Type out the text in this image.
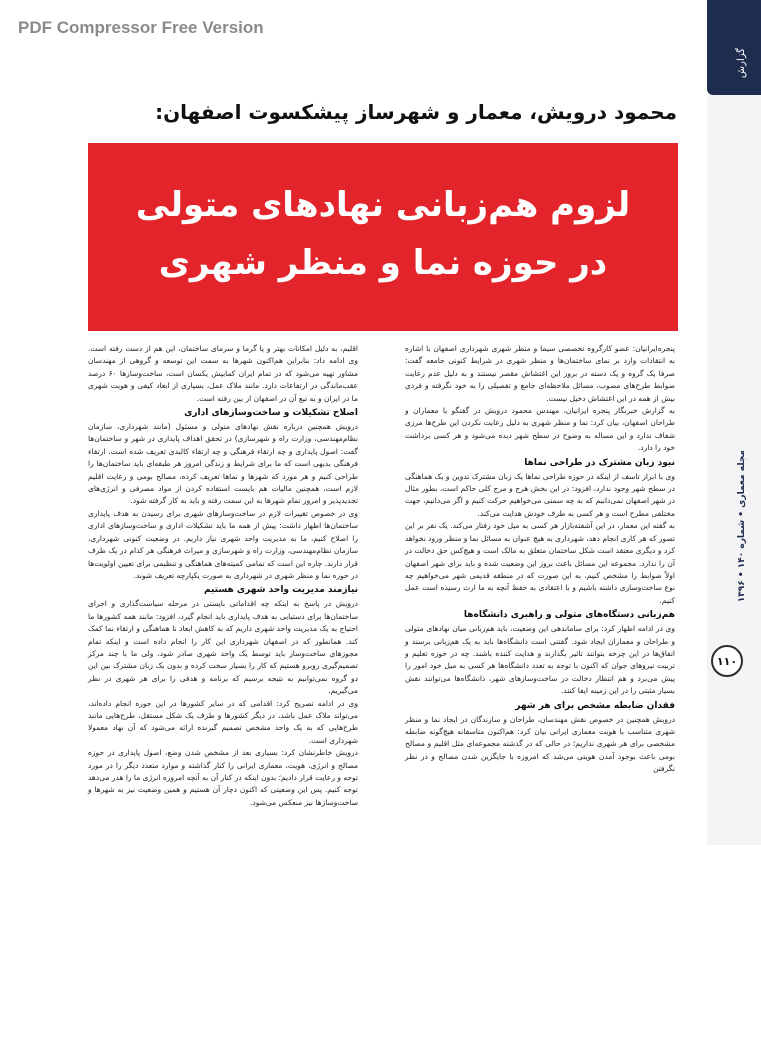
PDF Compressor Free Version
گزارش
مجله معماری • شماره ۱۴۰ • ۱۳۹۶
۱۱۰
محمود درویش، معمار و شهرساز پیشکسوت اصفهان:
لزوم هم‌زبانی نهادهای متولی
در حوزه نما و منظر شهری

پنجره‌ایرانیان: عضو کارگروه تخصصی سیما و منظر شهری شهرداری اصفهان با اشاره به انتقادات وارد بر نمای ساختمان‌ها و منظر شهری در شرایط کنونی جامعه گفت: صرفا یک گروه و یک دسته در بروز این اغتشاش مقصر نیستند و به دلیل عدم رعایت ضوابط طرح‌های مصوب، مسائل ملاحظه‌ای جامع و تفصیلی را به خود نگرفته و فردی بیش از همه در این اغتشاش دخیل نیست.

به گزارش خبرنگار پنجره ایرانیان، مهندس محمود درویش در گفتگو با معماران و طراحان اصفهان، بیان کرد: نما و منظر شهری به دلیل رعایت نکردن این طرح‌ها مرزی شفاف ندارد و این مساله به وضوح در سطح شهر دیده می‌شود و هر کسی برداشت خود را دارد.

نبود زبان مشترک در طراحی نماها

وی با ابراز تاسف از اینکه در حوزه طراحی نماها یک زبان مشترک تدوین و یک هماهنگی در سطح شهر وجود ندارد، افزود: در این بخش هرج و مرج کلی حاکم است، بطور مثال در شهر اصفهان نمی‌دانیم که به چه سمتی می‌خواهیم حرکت کنیم و اگر می‌دانیم، جهت مختلفی مطرح است و هر کسی به طرف خودش هدایت می‌کند.

به گفته این معمار، در این آشفته‌بازار هر کسی به میل خود رفتار می‌کند. یک نفر بر این تصور که هر کاری انجام دهد، شهرداری به هیچ عنوان به مسائل نما و منظر ورود نخواهد کرد و دیگری معتقد است شکل ساختمان متعلق به مالک است و هیچ‌کس حق دخالت در آن را ندارد. مجموعه این مسائل باعث بروز این وضعیت شده و باید برای شهر اصفهان اولاً ضوابط را مشخص کنیم، به این صورت که در منطقه قدیمی شهر می‌خواهیم چه نوع ساخت‌وسازی داشته باشیم و با اعتقادی به حفظ آنچه به ما ارث رسیده است عمل کنیم.

هم‌زبانی دستگاه‌های متولی و راهبری دانشگاه‌ها

وی در ادامه اظهار کرد: برای ساماندهی این وضعیت، باید هم‌زبانی میان نهادهای متولی و طراحان و معماران ایجاد شود. گفتنی است دانشگاه‌ها باید به یک هم‌زبانی برسند و اتفاق‌ها در این چرخه بتوانند تاثیر بگذارند و هدایت کننده باشند. چه در حوزه تعلیم و تربیت نیروهای جوان که اکنون با توجه به تعدد دانشگاه‌ها هر کسی به میل خود امور را پیش می‌برد و هم انتظار دخالت در ساخت‌وسازهای شهر، دانشگاه‌ها می‌توانند نقش بسیار مثبتی را در این زمینه ایفا کنند.

فقدان ضابطه مشخص برای هر شهر

درویش همچنین در خصوص نقش مهندسان، طراحان و سازندگان در ایجاد نما و منظر شهری متناسب با هویت معماری ایرانی بیان کرد: هم‌اکنون متاسفانه هیچ‌گونه ضابطه مشخصی برای هر شهری نداریم؛ در حالی که در گذشته مجموعه‌ای مثل اقلیم و مصالح بومی باعث بوجود آمدن هویتی می‌شد که امروزه با جایگزین شدن مصالح و در نظر نگرفتن

اقلیم، به دلیل امکانات بهتر و یا گرما و سرمای ساختمان، این هم از دست رفته است. وی ادامه داد: بنابراین هم‌اکنون شهرها به سمت این توسعه و گروهی از مهندسان مشاور تهیه می‌شود که در تمام ایران کمابیش یکسان است، ساخت‌وسازها ۶۰ درصد عقب‌ماندگی در ارتفاعات دارد. مانند ملاک عمل، بسیاری از ابعاد کیفی و هویت شهری ما در ایران و به تبع آن در اصفهان از بین رفته است.

اصلاح تشکیلات و ساخت‌وسازهای اداری

درویش همچنین درباره نقش نهادهای متولی و مسئول (مانند شهرداری، سازمان نظام‌مهندسی، وزارت راه و شهرسازی) در تحقق اهداف پایداری در شهر و ساختمان‌ها گفت: اصول پایداری و چه ارتقاء فرهنگی و چه ارتقاء کالبدی تعریف شده است. ارتقاء فرهنگی بدیهی است که ما برای شرایط و زندگی امروز هر طبقه‌ای باید ساختمان‌ها را طراحی کنیم و هر مورد که شهرها و نماها تعریف کرده، مصالح بومی و رعایت اقلیم لازم است، همچنین مالیات هم بایست استفاده کردن از مواد مصرفی و انرژی‌های تجدیدپذیر و امروز تمام شهرها به این سمت رفته و باید به کار گرفته شود.

وی در خصوص تغییرات لازم در ساخت‌وسازهای شهری برای رسیدن به هدف پایداری ساختمان‌ها اظهار داشت: پیش از همه ما باید تشکیلات اداری و ساخت‌وسازهای اداری را اصلاح کنیم، ما به مدیریت واحد شهری نیاز داریم. در وضعیت کنونی شهرداری، سازمان نظام‌مهندسی، وزارت راه و شهرسازی و میراث فرهنگی هر کدام در یک طرف قرار دارند. چاره این است که تمامی کمیته‌های هماهنگی و تنظیمی برای تعیین اولویت‌ها در حوزه نما و منظر شهری در شهرداری به صورت یکپارچه تعریف شوند.

نیازمند مدیریت واحد شهری هستیم

درویش در پاسخ به اینکه چه اقداماتی بایستی در مرحله سیاست‌گذاری و اجرای ساختمان‌ها برای دستیابی به هدف پایداری باید انجام گیرد، افزود: مانند همه کشورها ما احتیاج به یک مدیریت واحد شهری داریم که به کاهش ابعاد نا هماهنگی و ارتقاء نما کمک کند. همانطور که در اصفهان شهرداری این کار را انجام داده است و اینکه تمام مجوزهای ساخت‌وساز باید توسط یک واحد شهری صادر شود، ولی ما با چند مرکز تصمیم‌گیری روبرو هستیم که کار را بسیار سخت کرده و بدون یک زبان مشترک بین این دو گروه نمی‌توانیم به نتیجه برسیم که برنامه و هدفی را برای هر شهری در نظر می‌گیریم.

وی در ادامه تصریح کرد: اقدامی که در سایر کشورها در این حوزه انجام داده‌اند، می‌تواند ملاک عمل باشد، در دیگر کشورها و طرف یک شکل مستقل، طرح‌هایی مانند طرح‌هایی که به یک واحد مشخص تصمیم گیرنده ارائه می‌شود که آن نهاد معمولا شهرداری است.

درویش خاطرنشان کرد: بسیاری بعد از مشخص شدن وضع، اصول پایداری در حوزه مصالح و انرژی، هویت، معماری ایرانی را کنار گذاشته و موارد متعدد دیگر را در مورد توجه و رعایت قرار دادیم؛ بدون اینکه در کنار آن به آنچه امروزه انرژی ما را هدر می‌دهد توجه کنیم. پس این وضعیتی که اکنون دچار آن هستیم و همین وضعیت نیز به شهرها و ساخت‌وسازها نیز منعکس می‌شود.
